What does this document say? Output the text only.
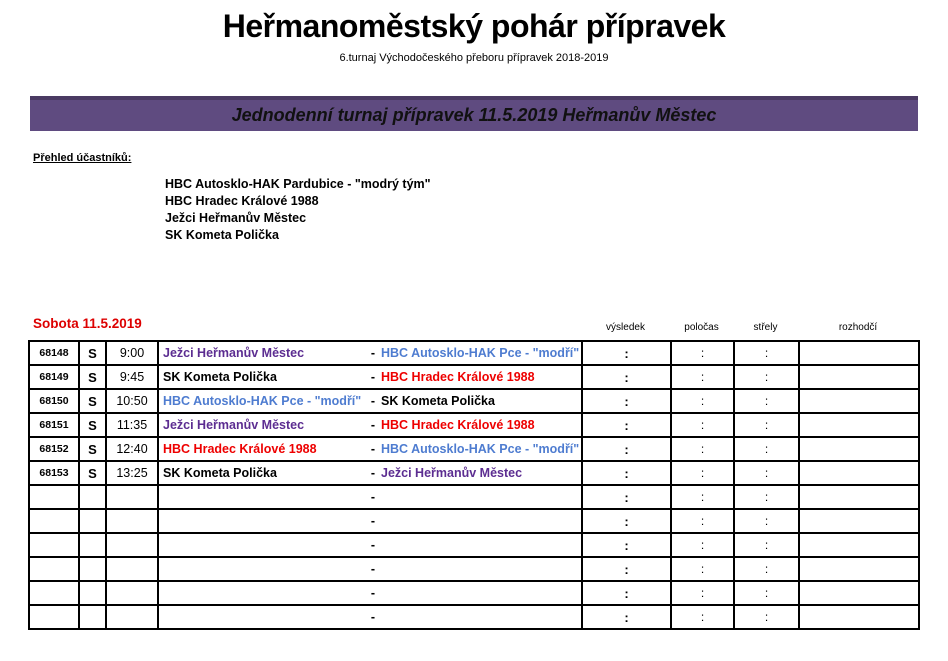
Heřmanoměstský pohár přípravek
6.turnaj Východočeského přeboru přípravek 2018-2019
Jednodenní turnaj přípravek 11.5.2019 Heřmanův Městec
Přehled účastníků:
HBC Autosklo-HAK Pardubice - "modrý tým"
HBC Hradec Králové 1988
Ježci Heřmanův Městec
SK Kometa Polička
Sobota 11.5.2019	výsledek	poločas	střely	rozhodčí
68148	S	9:00	Ježci Heřmanův Městec - HBC Autosklo-HAK Pce - "modří"	:	:	:	
68149	S	9:45	SK Kometa Polička - HBC Hradec Králové 1988	:	:	:	
68150	S	10:50	HBC Autosklo-HAK Pce - "modří" - SK Kometa Polička	:	:	:	
68151	S	11:35	Ježci Heřmanův Městec - HBC Hradec Králové 1988	:	:	:	
68152	S	12:40	HBC Hradec Králové 1988 - HBC Autosklo-HAK Pce - "modří"	:	:	:	
68153	S	13:25	SK Kometa Polička - Ježci Heřmanův Městec	:	:	:	

			-	:	:	:	

			-	:	:	:	

			-	:	:	:	

			-	:	:	:	

			-	:	:	:	

			-	:	:	:	
